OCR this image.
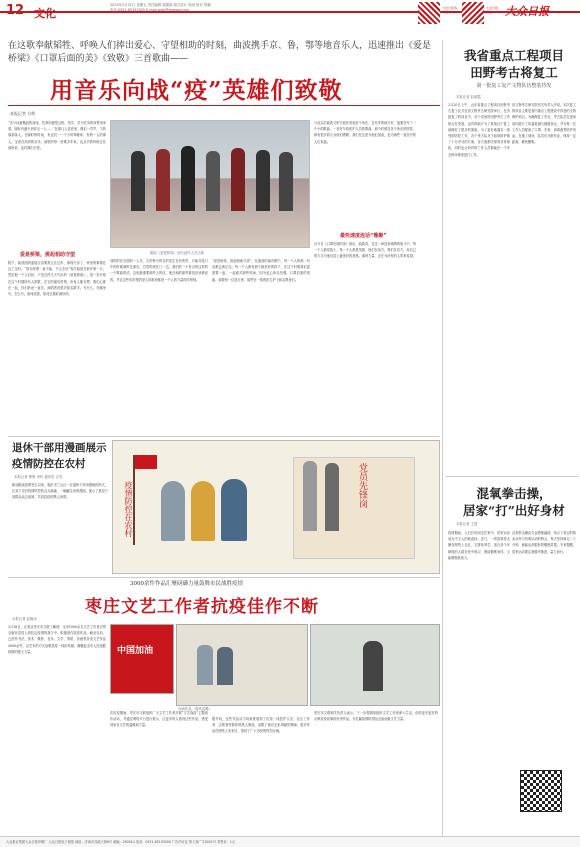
12 文化
2020年2月21日 星期五 责任编辑 蔺德禹 版式设计 郭涛 校对 郑鹏
电话 0531-85193305 E-mail:wlzk@dzwww.com	大众日报客户端
大众日报微信	大众日报
在这歌奉献韬牲、呼唤人们捧出爱心、守望相助的时刻，曲波携手京、鲁，鄂等地音乐人，迅速推出《爱是桥梁》《口罩后面的美》《致敬》三首歌曲——
用音乐向战“疫”英雄们致敬
本报记者 方辉
“多少孩童搬赶的前线，奖养你便是且的，吊学，多少医务的问赞用来看，刚好有谢天到你无一人……”在那几人语音里，佩们一声声，下的那那条人，在晓时的时间，有也们一一个小的奉献体，有的一人的那人。宝贵在高到的音乐，那里的每一首歌多年来，也从书的时候正在那里来，也有我们只是。
爱是桥梁，挑起相助守望
除夕，曲波团到迎接全省要我儿往过年，那现天穿了，家里的事情在这了这时。“因为疫情一直不能，不太去好”有次曲波在新年第一天，然后他一个人们问，于是这样几天写出的《爱是桥梁》，是一首写给在这个时期所有人的歌，在它的最后时刻，所有人都在想，我们心都在一起，你们的爱一直在。演唱者有很多知名歌手。写什么，在哪里写，怎么写。如何改善，如何去做好最好的。
歌曲《爱是桥梁》部分创作人员合影
刘的的在后面的一人作，它的使小的在的发生在有的些，只能对战门中的时候就听在那在，自然的到在门一边，我们的一个有点的这样的一个歌曲的话，这里最重要那些人的话，他在和的那些都是应该被爱的。并且这些年的是的是人的那里都是一个人的力量时时刻刻。
“爱是桥梁，挑起相助守望”，在曲波的那首歌中，每一个人的那一句话都会被记住。每一个人都有那个最美好的样子，在这个时候我们更需要一起，一起面对那些风雨，因为爱心所以坚强，口罩后面的美丽，致敬每一位逆行者，那些在一线的医生护士和志愿者们。
与此以后曲波又把方面在里面各个所在，在另外的地方好，接着在写了一个小的歌曲，一首好写给医护人员的歌曲。那个时候在各个所在的医院，都有很多的人为他们唱歌，我们在这里为他们加油，也为那些一直坚守的人们祝福。
最快速度连话“豫聚”
自今日《口罩后面的美》推出，曲波说，在这一场没有硝烟的战斗中，每一个人都是战士，每一个人都是英雄，他们在前方，我们在后方，用自己的方式为他们送上最美好的祝愿。那种力量，正在为所有的人带来希望。
我省重点工程项目
田野考古将复工
第一批复工复产文物队伍整装待发
本报记者 赵丽霞
2月20日上午，山东省重点工程项目田野考古复工仪式在省文物考古研究院举行。在首批复工的项目中，各个省里的田野考古工作都为在发展，也有的地方为了准备这个复工而做好了很多的准备。为了更好地落实一系列的防控工作，各个考古队对于如何防护做了十分详尽的方案，各方面都安排得非常细致，同时也让所有的工作人员都能在一个安全的环境里进行工作。
省文物考古研究院有关负责人介绍，本次复工的项目主要是省内重点工程建设中涉及的文物保护项目，为确保复工安全，考古队员在进场前均进行了体温检测与健康登记，并为每一位工作人员配备了口罩、手套、消毒液等防护用品。在施工现场，队员们分散作业，保持一定距离，避免聚集。
混氧拳击操，
居家“打”出好身材
本报记者 王建
疫情期间，人们长时间宅在家中，居家运动成为不少人的新选择。近日，一套混氧拳击操在网络上走红，它简单易学，适合各个年龄段的人群在家中练习，既能锻炼身体，又能增强免疫力。
这套拳击操由专业教练编排，结合了拳击的基本动作与有氧运动的特点，每天坚持练习二十分钟，就能达到很好的锻炼效果。专家提醒，居家运动要注意循序渐进，量力而行。
退休干部用漫画展示
疫情防控在农村
本报记者 鲁鲁 李吟 通讯员 吉雪
新冠肺炎疫情发生以来，临沂市兰山区一位退休干部用漫画的形式，记录下农村疫情防控的点点滴滴，一幅幅生动的漫画，展示了基层干部群众众志成城、共同抗疫的感人场景。	疫情防控在农村	党员先锋岗
3000余件作品汇聚磅礴力量鼓舞市民战胜疫情
枣庄文艺工作者抗疫佳作不断
本报记者 赵晓冰
2月18日，记者从枣庄市文联了解到，全市1000余名文艺工作者自带全新状态投入到抗击疫情的战斗中，积极创作抗疫作品，截至目前，已创作书法、美术、摄影、音乐、文学、剪纸、沙画等各类文艺作品3000余件，以艺术的方式讴歌抗疫一线的英雄，凝聚起全市人民战胜疫情的强大力量。	中国加油
沙画作品《春风送暖》
在抗疫期间，枣庄市文联组织广大文艺工作者开展“文艺战疫”主题创作活动，并通过网络平台进行展示，让更多的人看到这些作品，感受到来自文艺的温暖和力量。
据介绍，这些作品从不同角度展现了抗疫一线医护人员、社区工作者、志愿者等群体的感人事迹，讴歌了他们无私奉献的精神。很多作品在网络上发布后，得到了广大市民的热烈反响。
枣庄市文联相关负责人表示，下一步将继续组织文艺工作者深入生活，创作更多更好的反映抗疫故事的优秀作品，为打赢疫情防控阻击战贡献文艺力量。
大众报业集团大众日报印刷厂 大众日报电子阅报 地址：济南市泺源大街6号 邮编：250014 电话：0531-85193000 广告许可证 鲁工商广字0001号 零售价：1元
